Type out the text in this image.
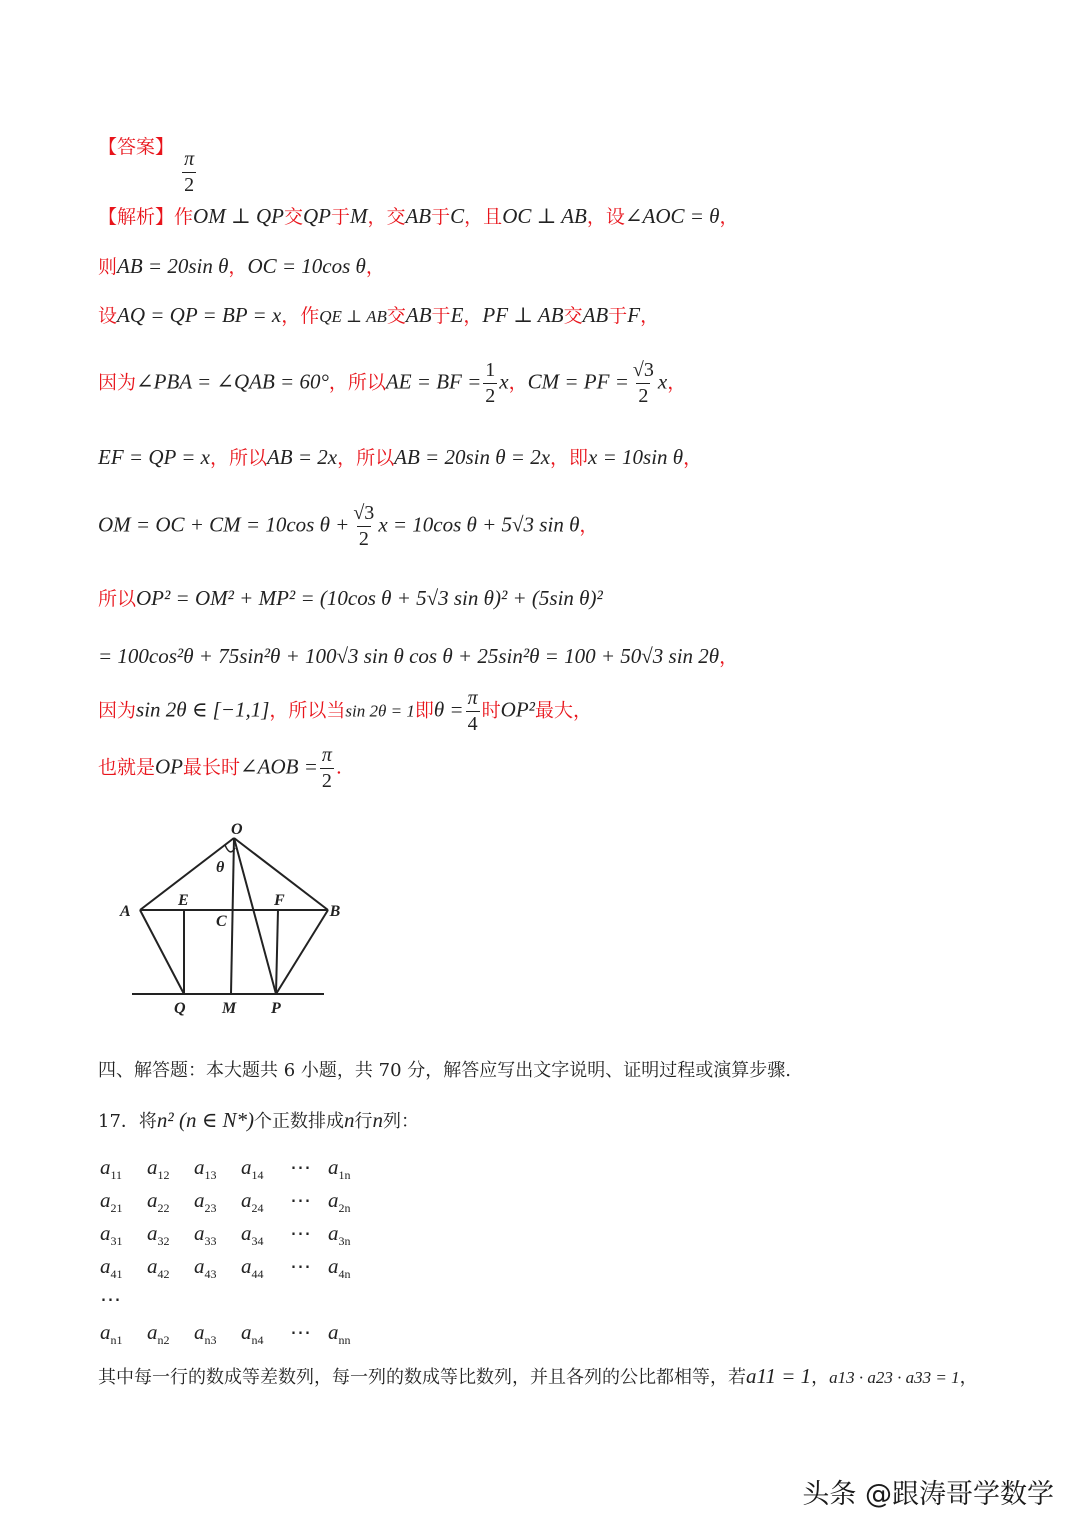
【答案】
$\frac{\pi}{2}$
【解析】作OM ⊥ QP交QP于M，交AB于C，且OC ⊥ AB，设∠AOC = θ，
则AB = 20sin θ，OC = 10cos θ，
设AQ = QP = BP = x，作QE ⊥ AB交AB于E，PF ⊥ AB交AB于F，
因为∠PBA = ∠QAB = 60°，所以AE = BF = $\frac{1}{2}$ x，CM = PF = $\frac{√3}{2}$ x，
EF = QP = x，所以AB = 2x，所以AB = 20sin θ = 2x，即x = 10sin θ，
OM = OC + CM = 10cos $\theta + \frac{√3}{2}$ x = 10cos θ + 5√3 sin θ，
所以OP² = OM² + MP² = (10cos θ + 5√3 sin θ)² + (5sin θ)²
= 100cos²θ + 75sin²θ + 100√3 sin θ cos θ + 25sin²θ = 100 + 50√3 sin 2θ，
因为sin 2θ ∈ [−1,1]，所以当sin 2θ = 1即$\theta = \frac{\pi}{4}$ 时OP²最大，
也就是OP最长时∠AOB = $\frac{\pi}{2}$ .
O
θ
A
E
C
F
B
Q M P
四、解答题：本大题共 6 小题，共 70 分，解答应写出文字说明、证明过程或演算步骤.
17．将n² (n ∈ N*)个正数排成n行n列：
$a_{11}$ $a_{12}$ $a_{13}$ $a_{14}$ ⋯ $a_{1n}$
$a_{21}$ $a_{22}$ $a_{23}$ $a_{24}$ ⋯ $a_{2n}$
$a_{31}$ $a_{32}$ $a_{33}$ $a_{34}$ ⋯ $a_{3n}$
$a_{41}$ $a_{42}$ $a_{43}$ $a_{44}$ ⋯ $a_{4n}$
⋯
$a_{n1}$ $a_{n2}$ $a_{n3}$ $a_{n4}$ ⋯ $a_{nn}$
其中每一行的数成等差数列，每一列的数成等比数列，并且各列的公比都相等，若a11 = 1，a13 · a23 · a33 = 1，
头条 @跟涛哥学数学
